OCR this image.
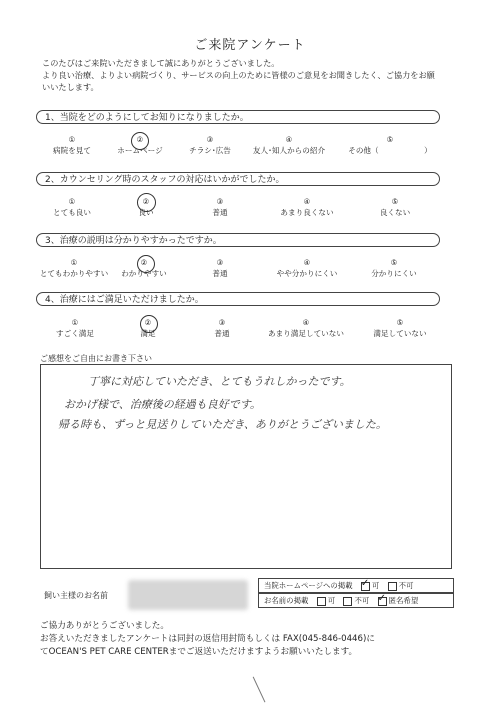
ご来院アンケート
このたびはご来院いただきまして誠にありがとうございました。
より良い治療、よりよい病院づくり、サービスの向上のために皆様のご意見をお聞きしたく、ご協力をお願
いいたします。
1、当院をどのようにしてお知りになりましたか。
①
病院を見て
②
ホームページ
③
チラシ･広告
④
友人･知人からの紹介
⑤
その他（　　　　　　）
2、カウンセリング時のスタッフの対応はいかがでしたか。
①
とても良い
②
良い
③
普通
④
あまり良くない
⑤
良くない
3、治療の説明は分かりやすかったですか。
①
とてもわかりやすい
②
わかりやすい
③
普通
④
やや分かりにくい
⑤
分かりにくい
4、治療にはご満足いただけましたか。
①
すごく満足
②
満足
③
普通
④
あまり満足していない
⑤
満足していない
ご感想をご自由にお書き下さい
丁寧に対応していただき、とてもうれしかったです。
おかげ様で、治療後の経過も良好です。
帰る時も、ずっと見送りしていただき、ありがとうございました。
飼い主様のお名前
当院ホームページへの掲載 ✓	可	不可
お名前の掲載	可	不可 ✓	匿名希望
ご協力ありがとうございました。
お答えいただきましたアンケートは同封の返信用封筒もしくは FAX(045-846-0446)に
てOCEAN'S PET CARE CENTERまでご返送いただけますようお願いいたします。
